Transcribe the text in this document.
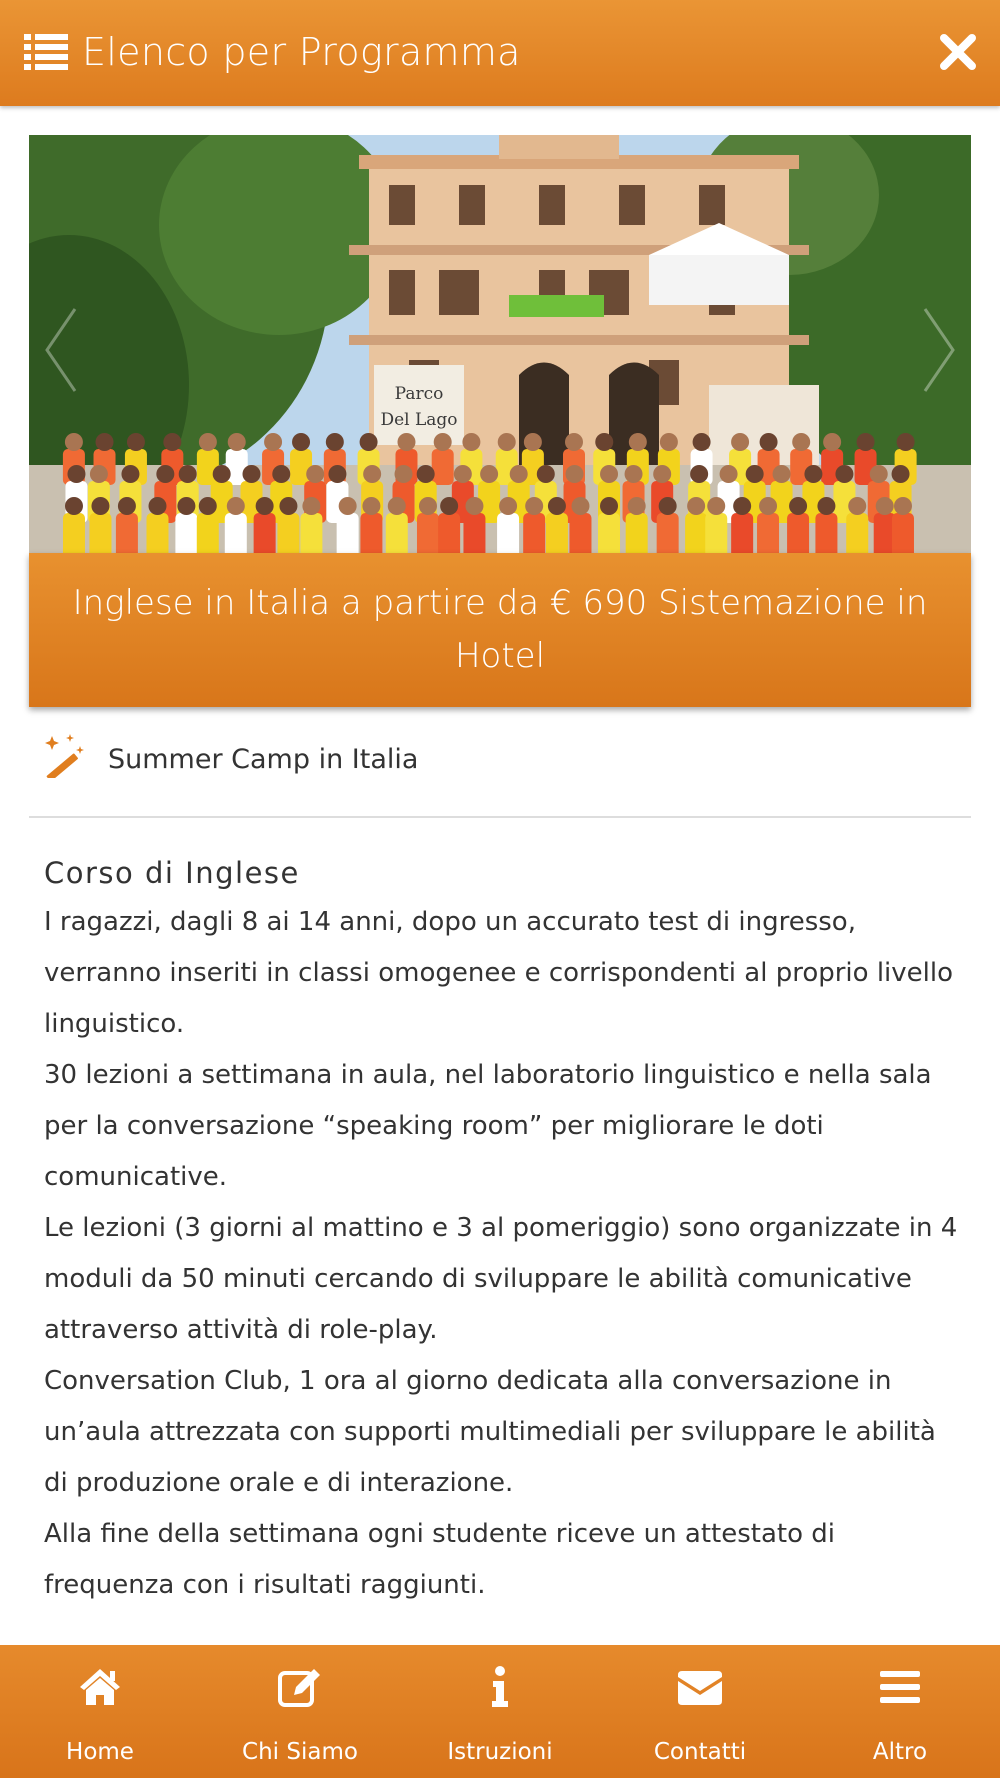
Elenco per Programma
Parco
Del Lago
Inglese in Italia a partire da € 690 Sistemazione in Hotel
Summer Camp in Italia
Corso di Inglese

I ragazzi, dagli 8 ai 14 anni, dopo un accurato test di ingresso, verranno inseriti in classi omogenee e corrispondenti al proprio livello linguistico.

30 lezioni a settimana in aula, nel laboratorio linguistico e nella sala per la conversazione “speaking room” per migliorare le doti comunicative.

Le lezioni (3 giorni al mattino e 3 al pomeriggio) sono organizzate in 4 moduli da 50 minuti cercando di sviluppare le abilità comunicative attraverso attività di role-play.

Conversation Club, 1 ora al giorno dedicata alla conversazione in un’aula attrezzata con supporti multimediali per sviluppare le abilità di produzione orale e di interazione.

Alla fine della settimana ogni studente riceve un attestato di frequenza con i risultati raggiunti.

Home	Chi Siamo	Istruzioni	Contatti	Altro
